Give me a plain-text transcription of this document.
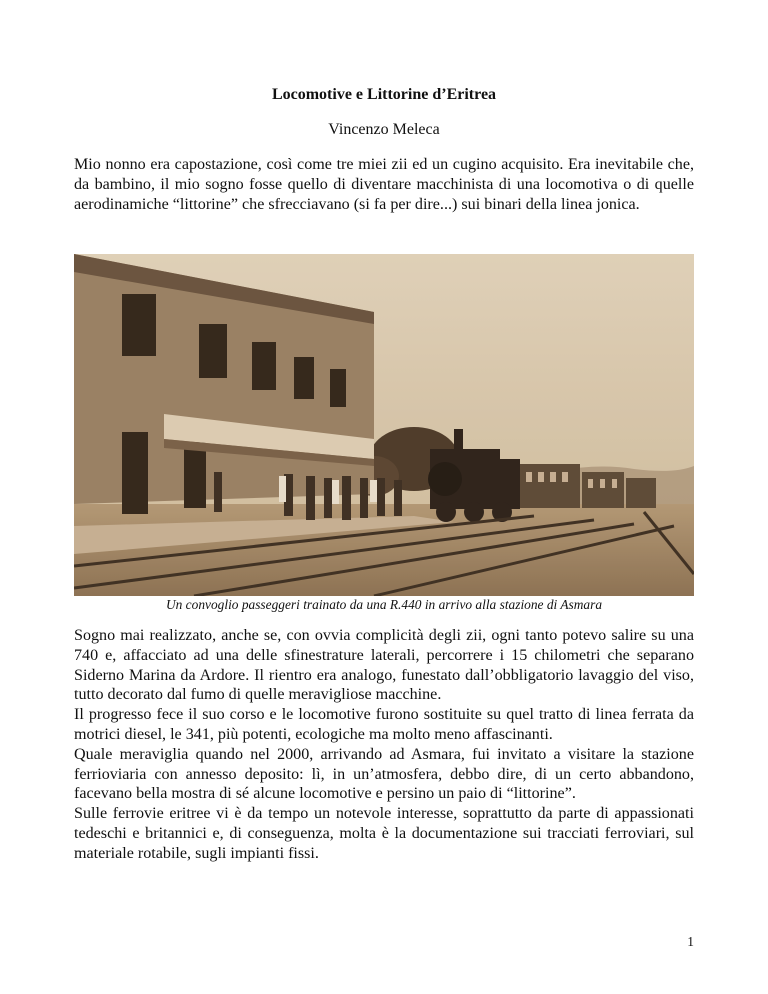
Locomotive e Littorine d’Eritrea

Vincenzo Meleca

Mio nonno era capostazione, così come tre miei zii ed un cugino acquisito. Era inevitabile che, da bambino, il mio sogno fosse quello di diventare macchinista di una locomotiva o di quelle aerodinamiche “littorine” che sfrecciavano (si fa per dire...) sui binari della linea jonica.

Un convoglio passeggeri trainato da una R.440 in arrivo alla stazione di Asmara

Sogno mai realizzato, anche se, con ovvia complicità degli zii, ogni tanto potevo salire su una 740 e, affacciato ad una delle sfinestrature laterali, percorrere i 15 chilometri che separano Siderno Marina da Ardore. Il rientro era analogo, funestato dall’obbligatorio lavaggio del viso, tutto decorato dal fumo di quelle meravigliose macchine.
Il progresso fece il suo corso e le locomotive furono sostituite su quel tratto di linea ferrata da motrici diesel, le 341, più potenti, ecologiche ma molto meno affascinanti.
Quale meraviglia quando nel 2000, arrivando ad Asmara, fui invitato a visitare la stazione ferrioviaria con annesso deposito: lì, in un’atmosfera, debbo dire, di un certo abbandono, facevano bella mostra di sé alcune locomotive e persino un paio di “littorine”.
Sulle ferrovie eritree vi è da tempo un notevole interesse, soprattutto da parte di appassionati tedeschi e britannici e, di conseguenza, molta è la documentazione sui tracciati ferroviari, sul materiale rotabile, sugli impianti fissi.

1
